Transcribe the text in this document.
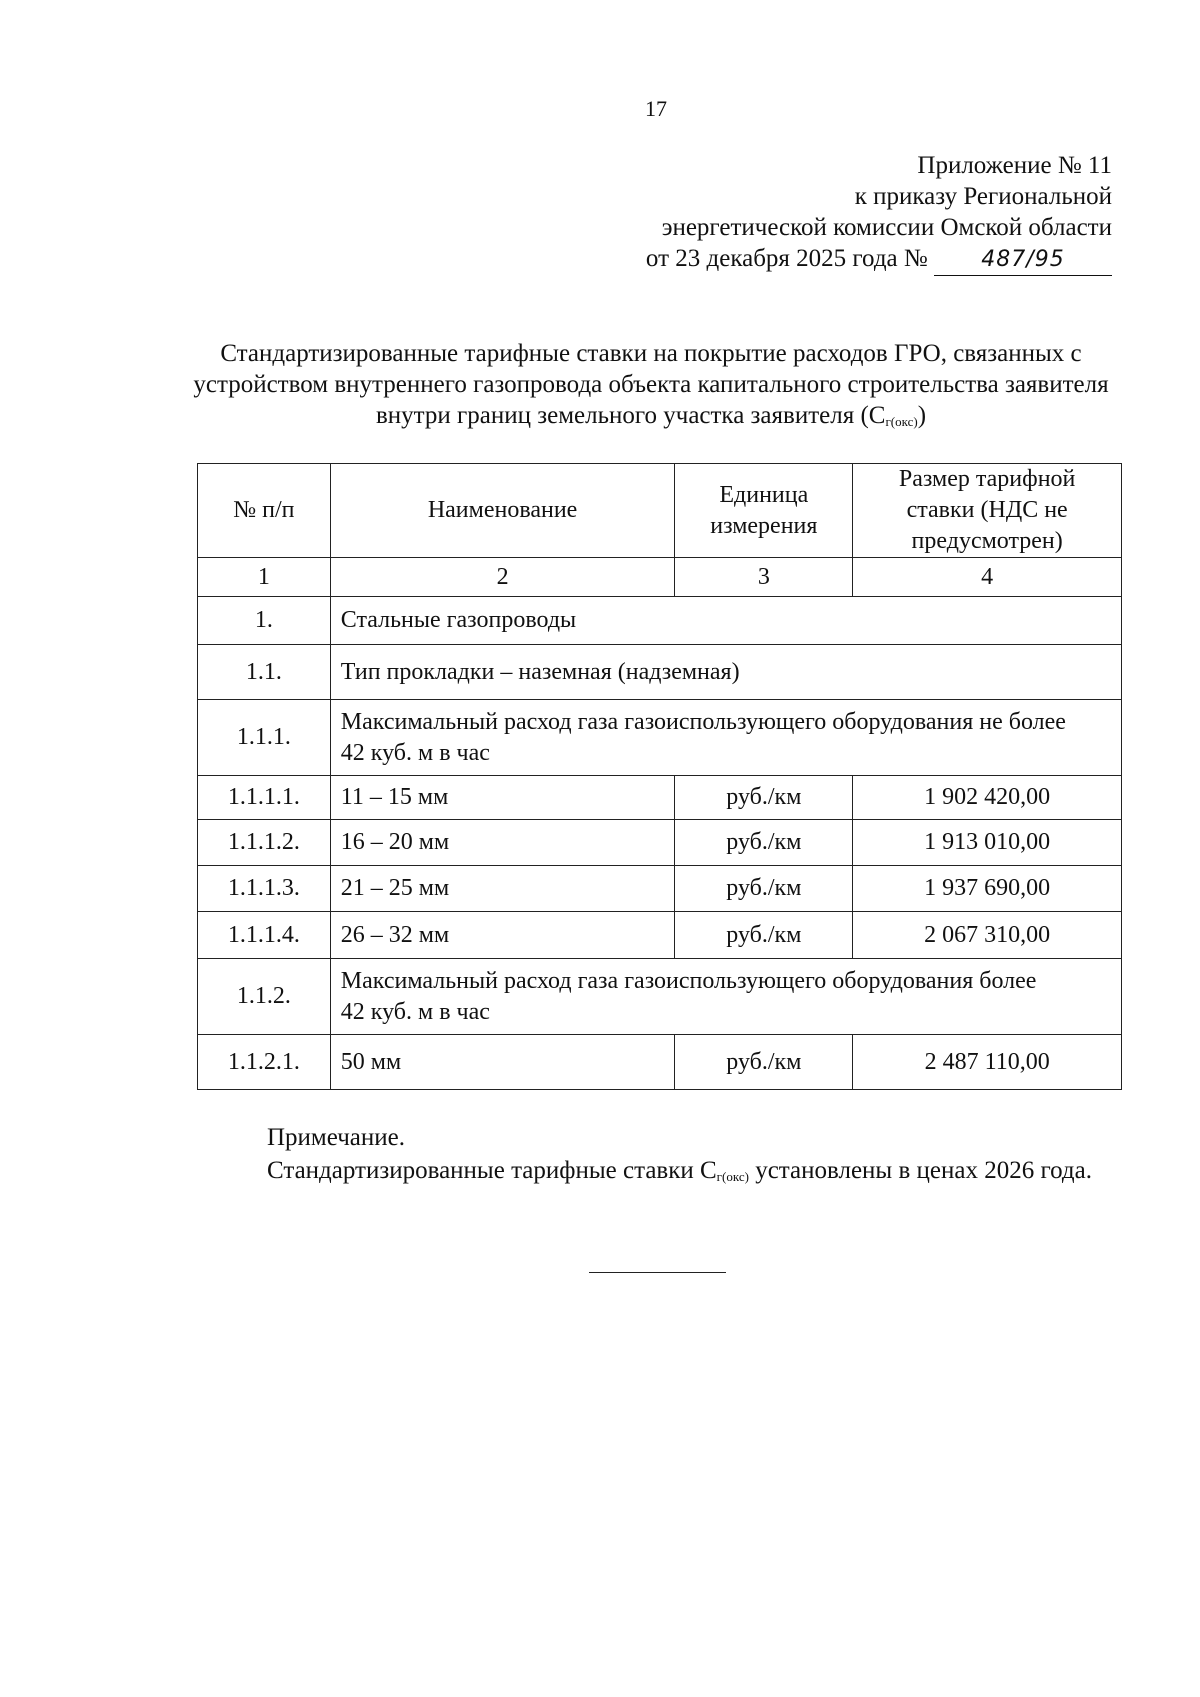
17
Приложение № 11
к приказу Региональной
энергетической комиссии Омской области
от 23 декабря 2025 года № 487/95
Стандартизированные тарифные ставки на покрытие расходов ГРО, связанных с устройством внутреннего газопровода объекта капитального строительства заявителя внутри границ земельного участка заявителя $(С_{г(окс)})$
№ п/п	Наименование	Единица измерения	Размер тарифной ставки (НДС не предусмотрен)
1	2	3	4
1.	Стальные газопроводы		
1.1.	Тип прокладки – наземная (надземная)		
1.1.1.	Максимальный расход газа газоиспользующего оборудования не более 42 куб. м в час		
1.1.1.1.	11 – 15 мм	руб./км	1 902 420,00
1.1.1.2.	16 – 20 мм	руб./км	1 913 010,00
1.1.1.3.	21 – 25 мм	руб./км	1 937 690,00
1.1.1.4.	26 – 32 мм	руб./км	2 067 310,00
1.1.2.	Максимальный расход газа газоиспользующего оборудования более 42 куб. м в час		
1.1.2.1.	50 мм	руб./км	2 487 110,00

Примечание.

Стандартизированные тарифные ставки $С_{г(окс)}$ установлены в ценах 2026 года.
